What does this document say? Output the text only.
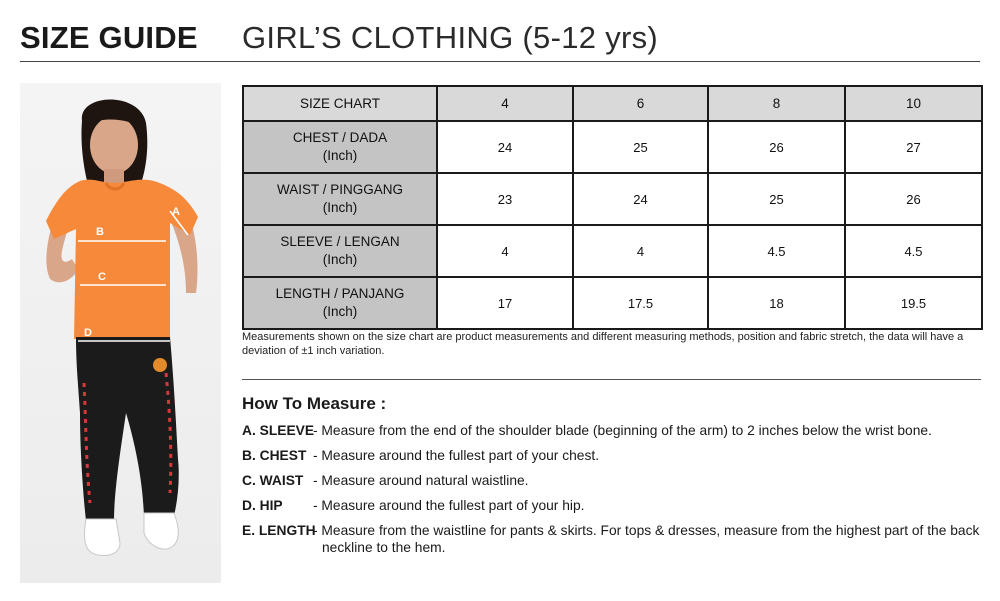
SIZE GUIDE GIRL’S CLOTHING (5-12 yrs)
A
B
C
D
SIZE CHART	4	6	8	10

CHEST / DADA
(Inch)	24	25	26	27

WAIST / PINGGANG
(Inch)	23	24	25	26

SLEEVE / LENGAN
(Inch)	4	4	4.5	4.5

LENGTH / PANJANG
(Inch)	17	17.5	18	19.5
Measurements shown on the size chart are product measurements and different measuring methods, position and fabric stretch, the data will have a deviation of ±1 inch variation.
How To Measure :
A. SLEEVE
- Measure from the end of the shoulder blade (beginning of the arm) to 2 inches below the wrist bone.
B. CHEST - Measure around the fullest part of your chest.
C. WAIST - Measure around natural waistline.
D. HIP	- Measure around the fullest part of your hip.
E. LENGTH
- Measure from the waistline for pants & skirts. For tops & dresses, measure from the highest part of the back neckline to the hem.
